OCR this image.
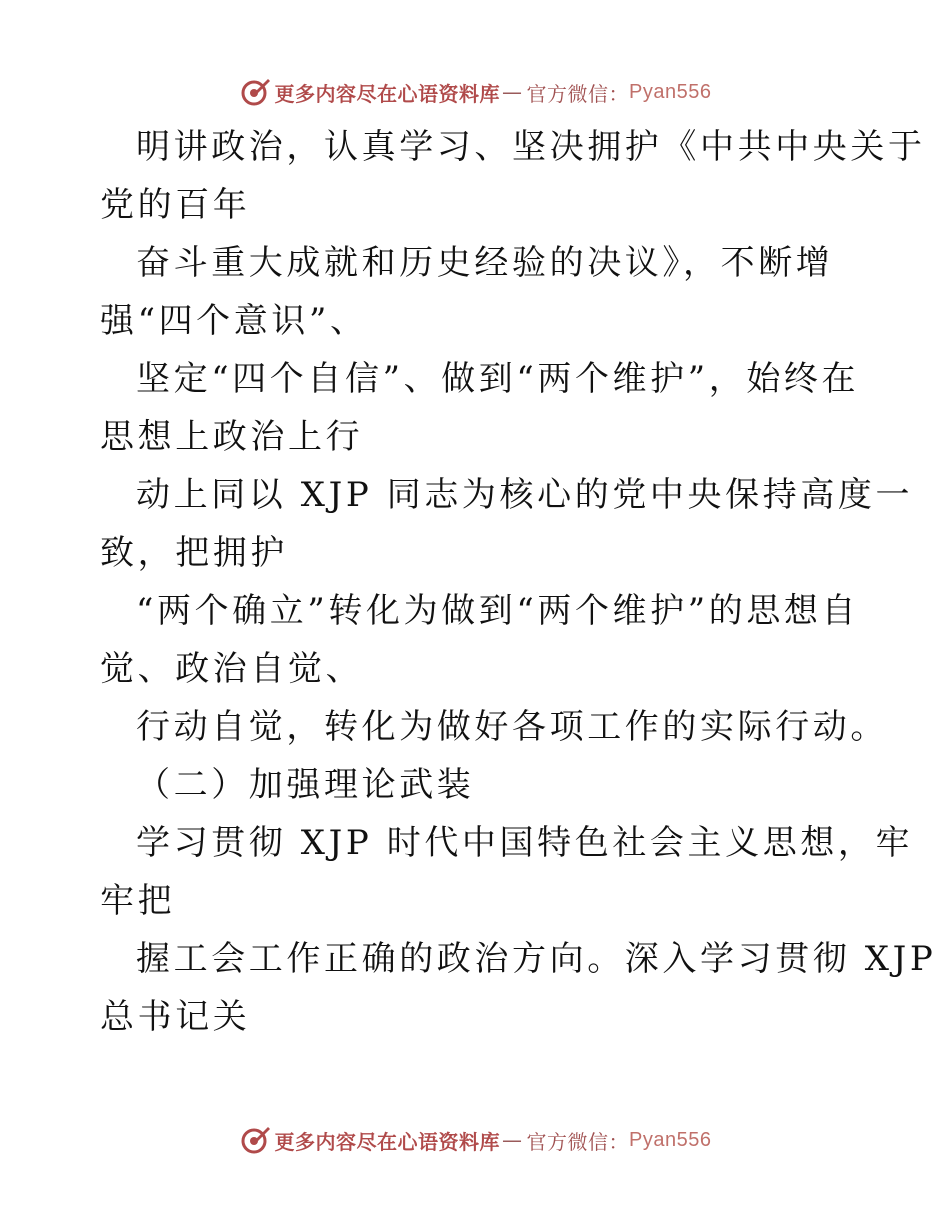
更多内容尽在心语资料库 — 官方微信： Pyan556
明讲政治，认真学习、坚决拥护《中共中央关于
党的百年
奋斗重大成就和历史经验的决议》，不断增
强“四个意识”、
坚定“四个自信”、做到“两个维护”，始终在
思想上政治上行
动上同以 XJP 同志为核心的党中央保持高度一
致，把拥护
“两个确立”转化为做到“两个维护”的思想自
觉、政治自觉、
行动自觉，转化为做好各项工作的实际行动。
（二）加强理论武装
学习贯彻 XJP 时代中国特色社会主义思想，牢
牢把
握工会工作正确的政治方向。深入学习贯彻 XJP
总书记关
更多内容尽在心语资料库 — 官方微信： Pyan556
